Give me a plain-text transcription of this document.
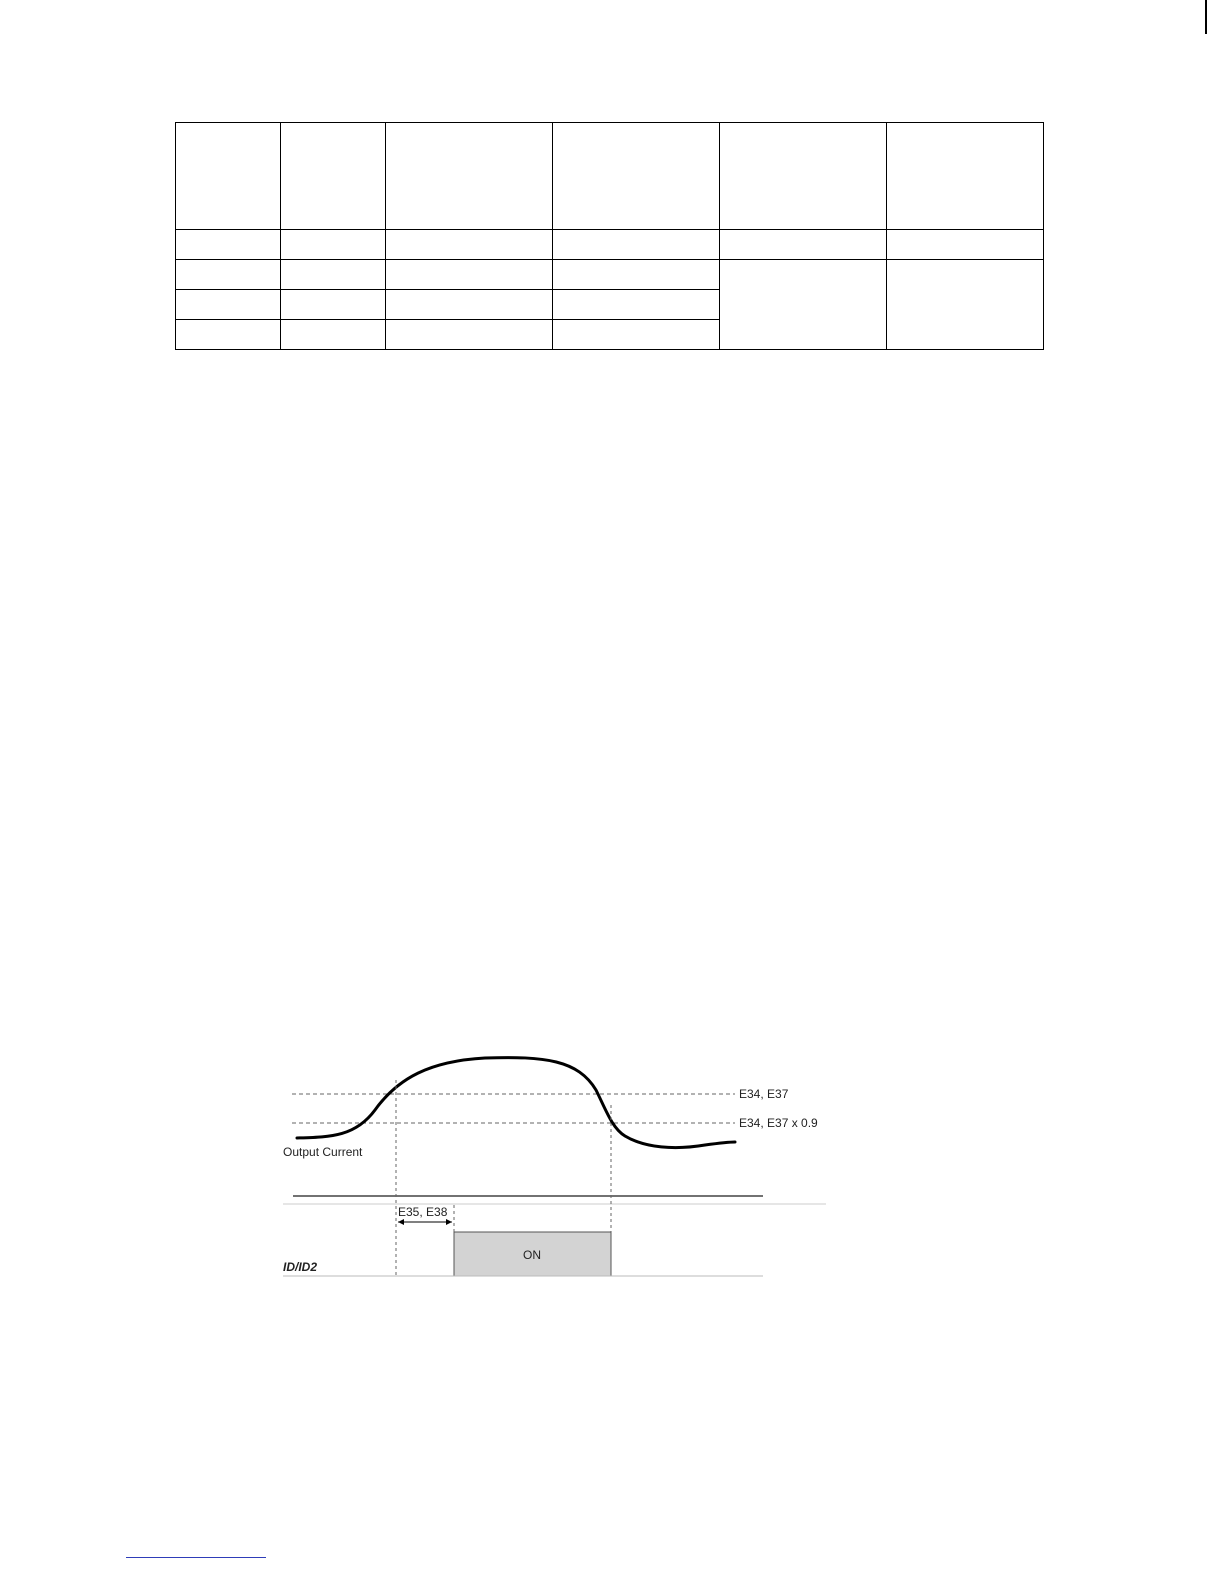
E34, E37
E34, E37 x 0.9
Output Current
E35, E38
ON
ID/ID2
